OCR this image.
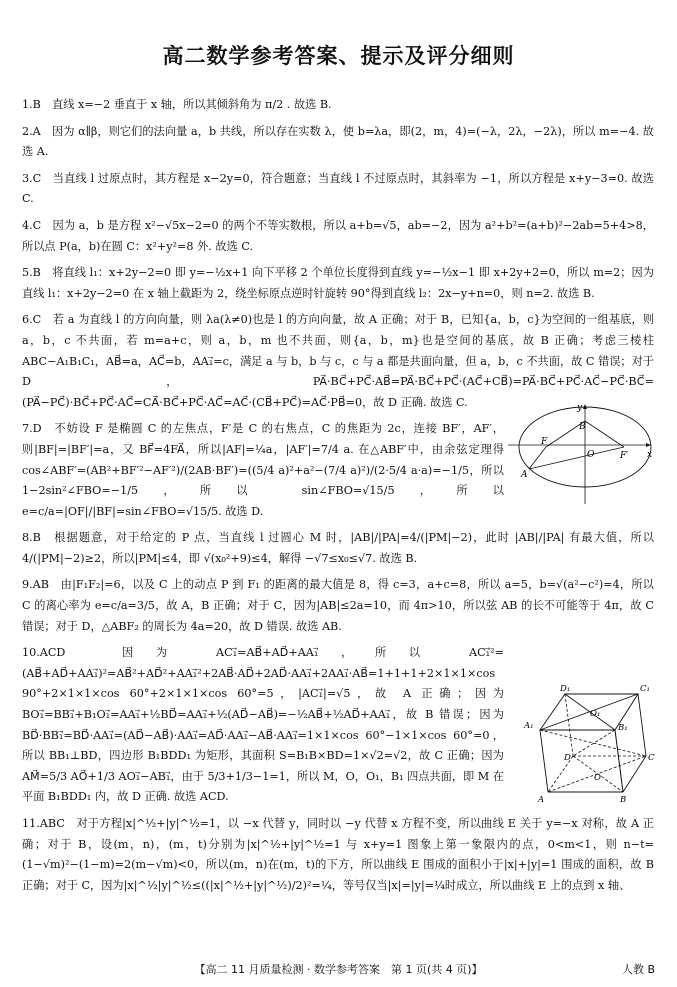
高二数学参考答案、提示及评分细则
1.B　直线 x=−2 垂直于 x 轴，所以其倾斜角为 π/2 . 故选 B.
2.A　因为 α∥β，则它们的法向量 a，b 共线，所以存在实数 λ，使 b=λa，即(2，m，4)=(−λ，2λ，−2λ)，所以 m=−4. 故选 A.
3.C　当直线 l 过原点时，其方程是 x−2y=0，符合题意；当直线 l 不过原点时，其斜率为 −1，所以方程是 x+y−3=0. 故选 C.
4.C　因为 a，b 是方程 x²−√5x−2=0 的两个不等实数根，所以 a+b=√5，ab=−2，因为 a²+b²=(a+b)²−2ab=5+4>8，所以点 P(a，b)在圆 C：x²+y²=8 外. 故选 C.
5.B　将直线 l₁：x+2y−2=0 即 y=−½x+1 向下平移 2 个单位长度得到直线 y=−½x−1 即 x+2y+2=0，所以 m=2；因为直线 l₁：x+2y−2=0 在 x 轴上截距为 2，绕坐标原点逆时针旋转 90°得到直线 l₂：2x−y+n=0，则 n=2. 故选 B.
6.C　若 a 为直线 l 的方向向量，则 λa(λ≠0)也是 l 的方向向量，故 A 正确；对于 B，已知{a，b，c}为空间的一组基底，则 a，b，c 不共面，若 m=a+c，则 a，b，m 也不共面，则{a，b，m}也是空间的基底，故 B 正确；考虑三棱柱 ABC−A₁B₁C₁，AB⃗=a，AC⃗=b，AA₁⃗=c，满足 a 与 b，b 与 c，c 与 a 都是共面向量，但 a，b，c 不共面，故 C 错误；对于 D，PA⃗·BC⃗+PC⃗·AB⃗=PA⃗·BC⃗+PC⃗·(AC⃗+CB⃗)=PA⃗·BC⃗+PC⃗·AC⃗−PC⃗·BC⃗=(PA⃗−PC⃗)·BC⃗+PC⃗·AC⃗=CA⃗·BC⃗+PC⃗·AC⃗=AC⃗·(CB⃗+PC⃗)=AC⃗·PB⃗=0，故 D 正确. 故选 C.
7.D　不妨设 F 是椭圆 C 的左焦点，F′是 C 的右焦点，C 的焦距为 2c，连接 BF′，AF′，则|BF|=|BF′|=a，又 BF⃗=4FA⃗，所以|AF|=¼a，|AF′|=7/4 a. 在△ABF′中，由余弦定理得 cos∠ABF′=(AB²+BF′²−AF′²)/(2AB·BF′)=((5/4 a)²+a²−(7/4 a)²)/(2·5/4 a·a)=−1/5，所以 1−2sin²∠FBO=−1/5，所以 sin∠FBO=√15/5，所以 e=c/a=|OF|/|BF|=sin∠FBO=√15/5. 故选 D.
8.B　根据题意，对于给定的 P 点，当直线 l 过圆心 M 时，|AB|/|PA|=4/(|PM|−2)，此时 |AB|/|PA| 有最大值，所以 4/(|PM|−2)≥2，所以|PM|≤4，即 √(x₀²+9)≤4，解得 −√7≤x₀≤√7. 故选 B.
9.AB　由|F₁F₂|=6，以及 C 上的动点 P 到 F₁ 的距离的最大值是 8，得 c=3，a+c=8，所以 a=5，b=√(a²−c²)=4，所以 C 的离心率为 e=c/a=3/5，故 A，B 正确；对于 C，因为|AB|≤2a=10，而 4π>10，所以弦 AB 的长不可能等于 4π，故 C 错误；对于 D，△ABF₂ 的周长为 4a=20，故 D 错误. 故选 AB.
10.ACD　因为 AC₁⃗=AB⃗+AD⃗+AA₁⃗，所以 AC₁⃗²=(AB⃗+AD⃗+AA₁⃗)²=AB⃗²+AD⃗²+AA₁⃗²+2AB⃗·AD⃗+2AD⃗·AA₁⃗+2AA₁⃗·AB⃗=1+1+1+2×1×1×cos 90°+2×1×1×cos 60°+2×1×1×cos 60°=5，|AC₁⃗|=√5，故 A 正确；因为 BO₁⃗=BB₁⃗+B₁O₁⃗=AA₁⃗+½BD⃗=AA₁⃗+½(AD⃗−AB⃗)=−½AB⃗+½AD⃗+AA₁⃗，故 B 错误；因为 BD⃗·BB₁⃗=BD⃗·AA₁⃗=(AD⃗−AB⃗)·AA₁⃗=AD⃗·AA₁⃗−AB⃗·AA₁⃗=1×1×cos 60°−1×1×cos 60°=0，所以 BB₁⊥BD，四边形 B₁BDD₁ 为矩形，其面积 S=B₁B×BD=1×√2=√2，故 C 正确；因为 AM⃗=5/3 AO⃗+1/3 AO₁⃗−AB₁⃗，由于 5/3+1/3−1=1，所以 M，O，O₁，B₁ 四点共面，即 M 在平面 B₁BDD₁ 内，故 D 正确. 故选 ACD.
11.ABC　对于方程|x|^½+|y|^½=1，以 −x 代替 y，同时以 −y 代替 x 方程不变，所以曲线 E 关于 y=−x 对称，故 A 正确；对于 B，设(m，n)，(m，t)分别为|x|^½+|y|^½=1 与 x+y=1 图象上第一象限内的点，0<m<1，则 n−t=(1−√m)²−(1−m)=2(m−√m)<0，所以(m，n)在(m，t)的下方，所以曲线 E 围成的面积小于|x|+|y|=1 围成的面积，故 B 正确；对于 C，因为|x|^½|y|^½≤((|x|^½+|y|^½)/2)²=¼，等号仅当|x|=|y|=¼时成立，所以曲线 E 上的点到 x 轴、
y
x
B
F
O	F′
A
D₁	C₁
A₁	B₁
O₁
D	C
O
A	B
【高二 11 月质量检测 · 数学参考答案　第 1 页(共 4 页)】	人教 B
